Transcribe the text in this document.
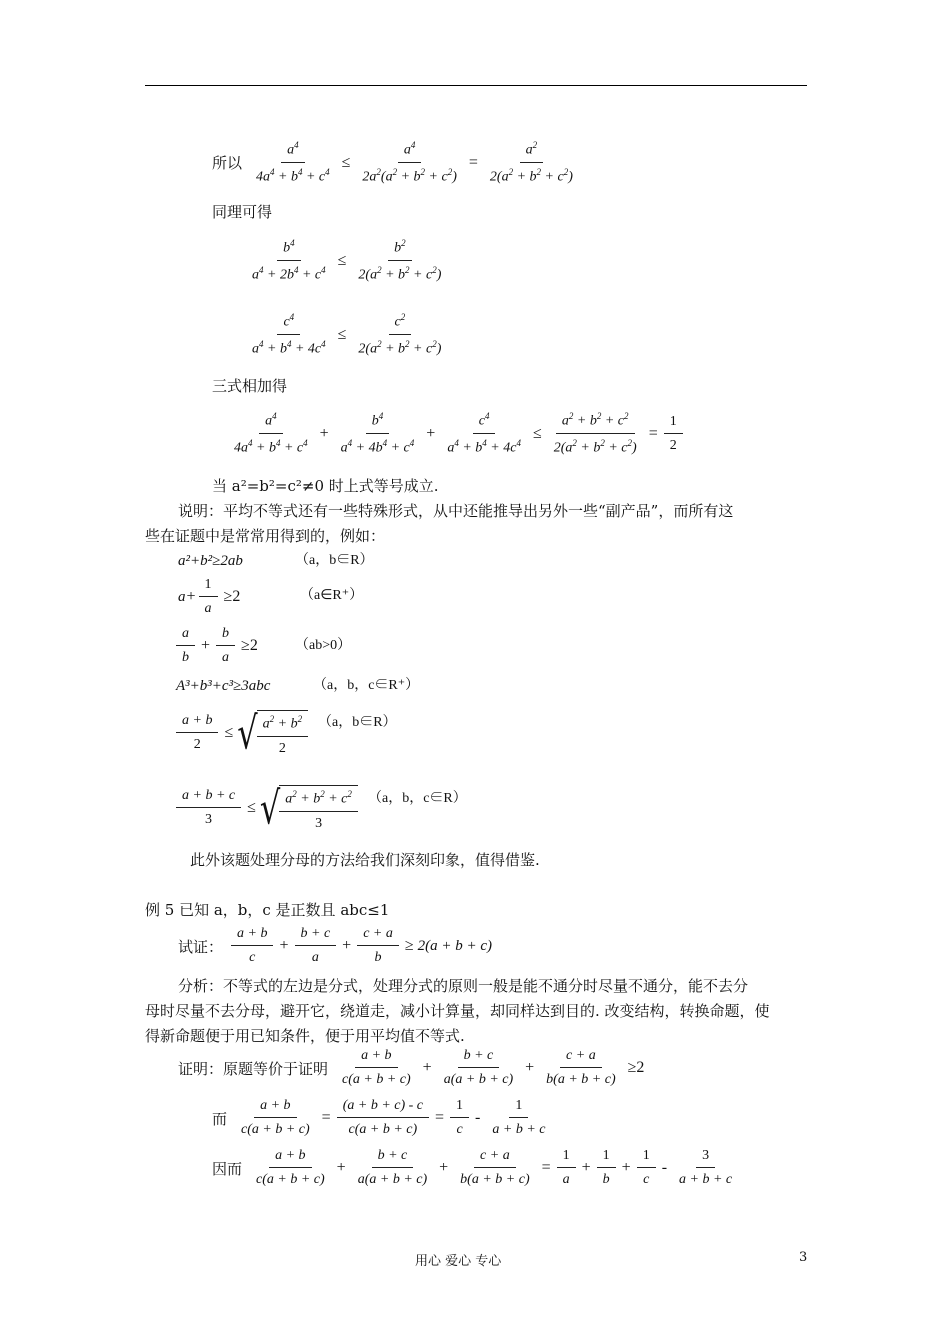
所以 $\frac{a^4}{4a^4 + b^4 + c^4} \le \frac{a^4}{2a^2(a^2 + b^2 + c^2)} = \frac{a^2}{2(a^2 + b^2 + c^2)}$
同理可得
$\frac{b^4}{a^4 + 2b^4 + c^4} \le \frac{b^2}{2(a^2 + b^2 + c^2)}$
$\frac{c^4}{a^4 + b^4 + 4c^4} \le \frac{c^2}{2(a^2 + b^2 + c^2)}$
三式相加得
$\frac{a^4}{4a^4 + b^4 + c^4} + \frac{b^4}{a^4 + 4b^4 + c^4} + \frac{c^4}{a^4 + b^4 + 4c^4} \le \frac{a^2 + b^2 + c^2}{2(a^2 + b^2 + c^2)} = \frac{1}{2}$
当 a²=b²=c²≠0 时上式等号成立.
说明：平均不等式还有一些特殊形式，从中还能推导出另外一些“副产品”，而所有这
些在证题中是常常用得到的，例如：
a²+b²≥2ab	（a，b∈R）
$a + \frac{1}{a} \ge 2$	（a∈R⁺）
$\frac{a}{b} + \frac{b}{a} \ge 2$	（ab>0）
A³+b³+c³≥3abc	（a，b，c∈R⁺）
$\frac{a + b}{2}$ ≤ √ $\frac{a^2 + b^2}{2} (a$，b∈R）
$\frac{a + b + c}{3}$ ≤ √ $\frac{a^2 + b^2 + c^2}{3} (a$，b，c∈R）
此外该题处理分母的方法给我们深刻印象，值得借鉴.
例 5 已知 a，b，c 是正数且 abc≤1
试证： $\frac{a + b}{c} + \frac{b + c}{a} + \frac{c + a}{b} \ge 2(a + b + c)$
分析：不等式的左边是分式，处理分式的原则一般是能不通分时尽量不通分，能不去分
母时尽量不去分母，避开它，绕道走，减小计算量，却同样达到目的. 改变结构，转换命题，使
得新命题便于用已知条件，便于用平均值不等式.
证明：原题等价于证明 $\frac{a + b}{c(a + b + c)} + \frac{b + c}{a(a + b + c)} + \frac{c + a}{b(a + b + c)} \ge 2$
而 $\frac{a + b}{c(a + b + c)} = \frac{(a + b + c) - c}{c(a + b + c)} = \frac{1}{c} - \frac{1}{a + b + c}$
因而 $\frac{a + b}{c(a + b + c)} + \frac{b + c}{a(a + b + c)} + \frac{c + a}{b(a + b + c)} = \frac{1}{a} + \frac{1}{b} + \frac{1}{c} - \frac{3}{a + b + c}$
用心 爱心 专心	3
